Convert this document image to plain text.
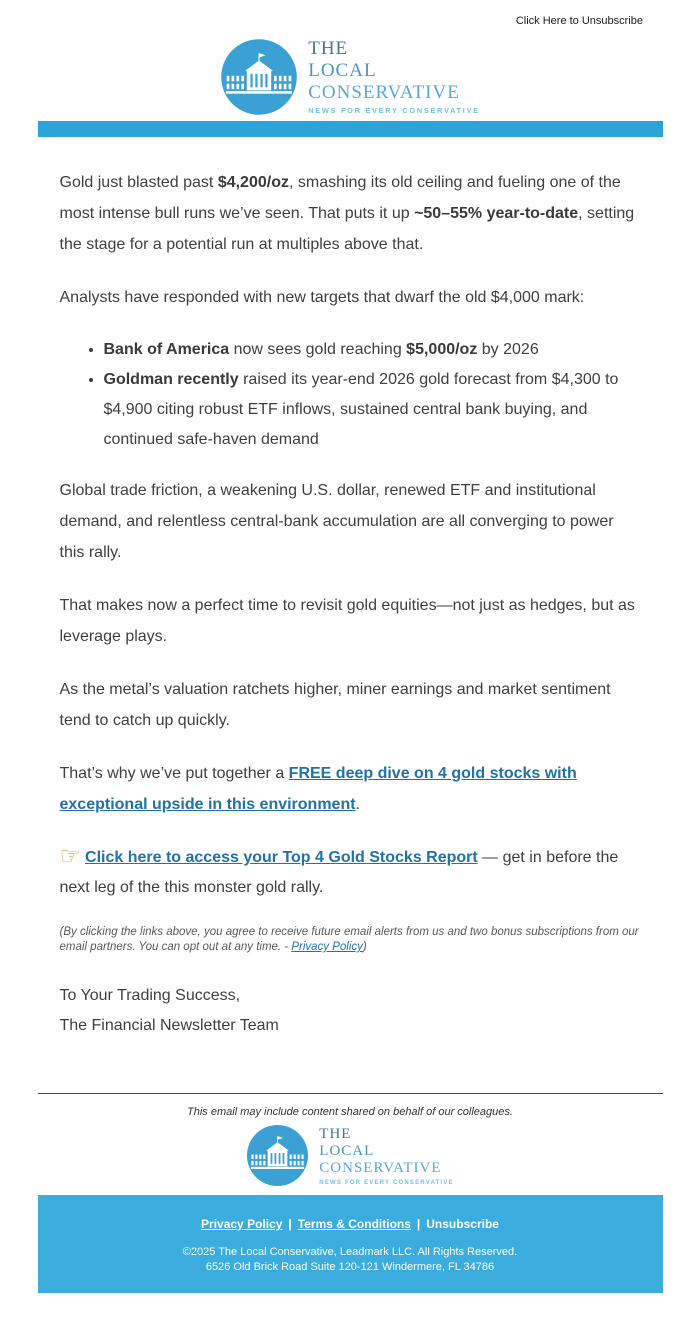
Click Here to Unsubscribe
THE
LOCAL
CONSERVATIVE
NEWS FOR EVERY CONSERVATIVE

Gold just blasted past $4,200/oz, smashing its old ceiling and fueling one of the most intense bull runs we’ve seen. That puts it up ~50–55% year-to-date, setting the stage for a potential run at multiples above that.

Analysts have responded with new targets that dwarf the old $4,000 mark:

• Bank of America now sees gold reaching $5,000/oz by 2026
• Goldman recently raised its year-end 2026 gold forecast from $4,300 to $4,900 citing robust ETF inflows, sustained central bank buying, and continued safe-haven demand

Global trade friction, a weakening U.S. dollar, renewed ETF and institutional demand, and relentless central-bank accumulation are all converging to power this rally.

That makes now a perfect time to revisit gold equities—not just as hedges, but as leverage plays.

As the metal’s valuation ratchets higher, miner earnings and market sentiment tend to catch up quickly.

That’s why we’ve put together a FREE deep dive on 4 gold stocks with exceptional upside in this environment.

☞ Click here to access your Top 4 Gold Stocks Report — get in before the next leg of the this monster gold rally.

(By clicking the links above, you agree to receive future email alerts from us and two bonus subscriptions from our email partners. You can opt out at any time. - Privacy Policy)

To Your Trading Success,
The Financial Newsletter Team
This email may include content shared on behalf of our colleagues.
THE
LOCAL
CONSERVATIVE
NEWS FOR EVERY CONSERVATIVE
Privacy Policy | Terms & Conditions | Unsubscribe
©2025 The Local Conservative, Leadmark LLC. All Rights Reserved.
6526 Old Brick Road Suite 120-121 Windermere, FL 34786
